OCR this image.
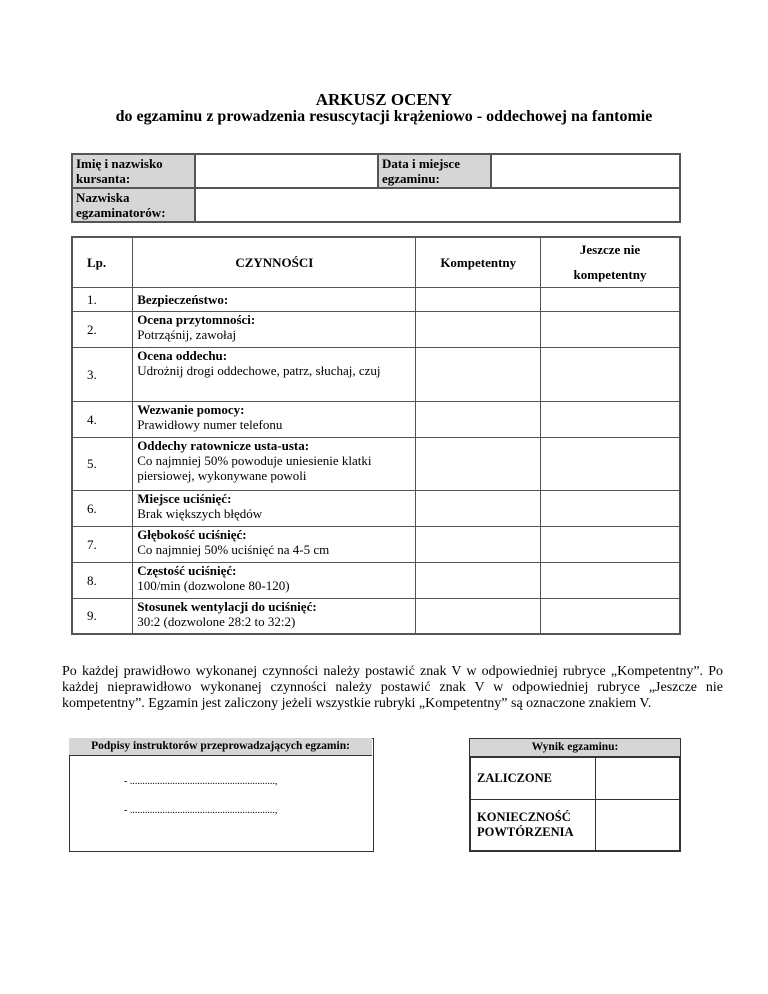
ARKUSZ OCENY
do egzaminu z prowadzenia resuscytacji krążeniowo - oddechowej na fantomie
Imię i nazwisko kursanta:		Data i miejsce egzaminu:	
Nazwiska egzaminatorów:			
Lp.	CZYNNOŚCI	Kompetentny	Jeszcze nie
kompetentny

1.	Bezpieczeństwo:		
2.	Ocena przytomności:
Potrząśnij, zawołaj		
3.	Ocena oddechu:
Udrożnij drogi oddechowe, patrz, słuchaj, czuj		
4.	Wezwanie pomocy:
Prawidłowy numer telefonu		
5.	Oddechy ratownicze usta-usta:
Co najmniej 50% powoduje uniesienie klatki piersiowej, wykonywane powoli		
6.	Miejsce uciśnięć:
Brak większych błędów		
7.	Głębokość uciśnięć:
Co najmniej 50% uciśnięć na 4-5 cm		
8.	Częstość uciśnięć:
100/min (dozwolone 80-120)		
9.	Stosunek wentylacji do uciśnięć:
30:2 (dozwolone 28:2 to 32:2)		
Po każdej prawidłowo wykonanej czynności należy postawić znak V w odpowiedniej rubryce „Kompetentny”. Po każdej nieprawidłowo wykonanej czynności należy postawić znak V w odpowiedniej rubryce „Jeszcze nie kompetentny”. Egzamin jest zaliczony jeżeli wszystkie rubryki „Kompetentny” są oznaczone znakiem V.
Podpisy instruktorów przeprowadzających egzamin:
- ..........................................................,
- ..........................................................,
Wynik egzaminu:
ZALICZONE	

KONIECZNOŚĆ
POWTÓRZENIA	
